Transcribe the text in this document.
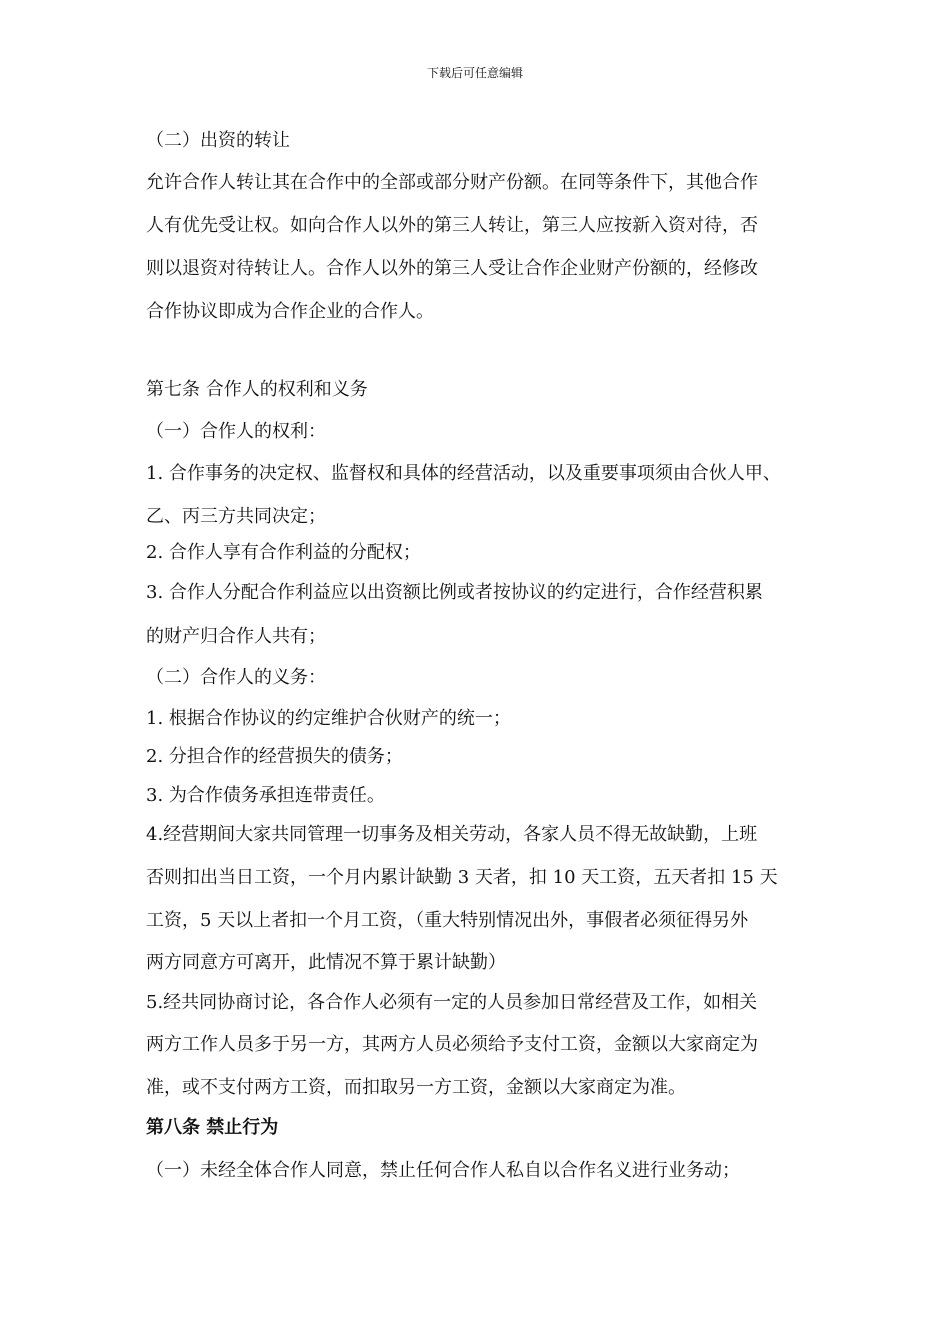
下载后可任意编辑
（二）出资的转让
允许合作人转让其在合作中的全部或部分财产份额。在同等条件下，其他合作
人有优先受让权。如向合作人以外的第三人转让，第三人应按新入资对待，否
则以退资对待转让人。合作人以外的第三人受让合作企业财产份额的，经修改
合作协议即成为合作企业的合作人。
第七条 合作人的权利和义务
（一）合作人的权利：
1. 合作事务的决定权、监督权和具体的经营活动，以及重要事项须由合伙人甲、
乙、丙三方共同决定；
2. 合作人享有合作利益的分配权；
3. 合作人分配合作利益应以出资额比例或者按协议的约定进行，合作经营积累
的财产归合作人共有；
（二）合作人的义务：
1. 根据合作协议的约定维护合伙财产的统一；
2. 分担合作的经营损失的债务；
3. 为合作债务承担连带责任。
4.经营期间大家共同管理一切事务及相关劳动，各家人员不得无故缺勤，上班
否则扣出当日工资，一个月内累计缺勤 3 天者，扣 10 天工资，五天者扣 15 天
工资，5 天以上者扣一个月工资，（重大特别情况出外，事假者必须征得另外
两方同意方可离开，此情况不算于累计缺勤）
5.经共同协商讨论，各合作人必须有一定的人员参加日常经营及工作，如相关
两方工作人员多于另一方，其两方人员必须给予支付工资，金额以大家商定为
准，或不支付两方工资，而扣取另一方工资，金额以大家商定为准。
第八条 禁止行为
（一）未经全体合作人同意，禁止任何合作人私自以合作名义进行业务动；
